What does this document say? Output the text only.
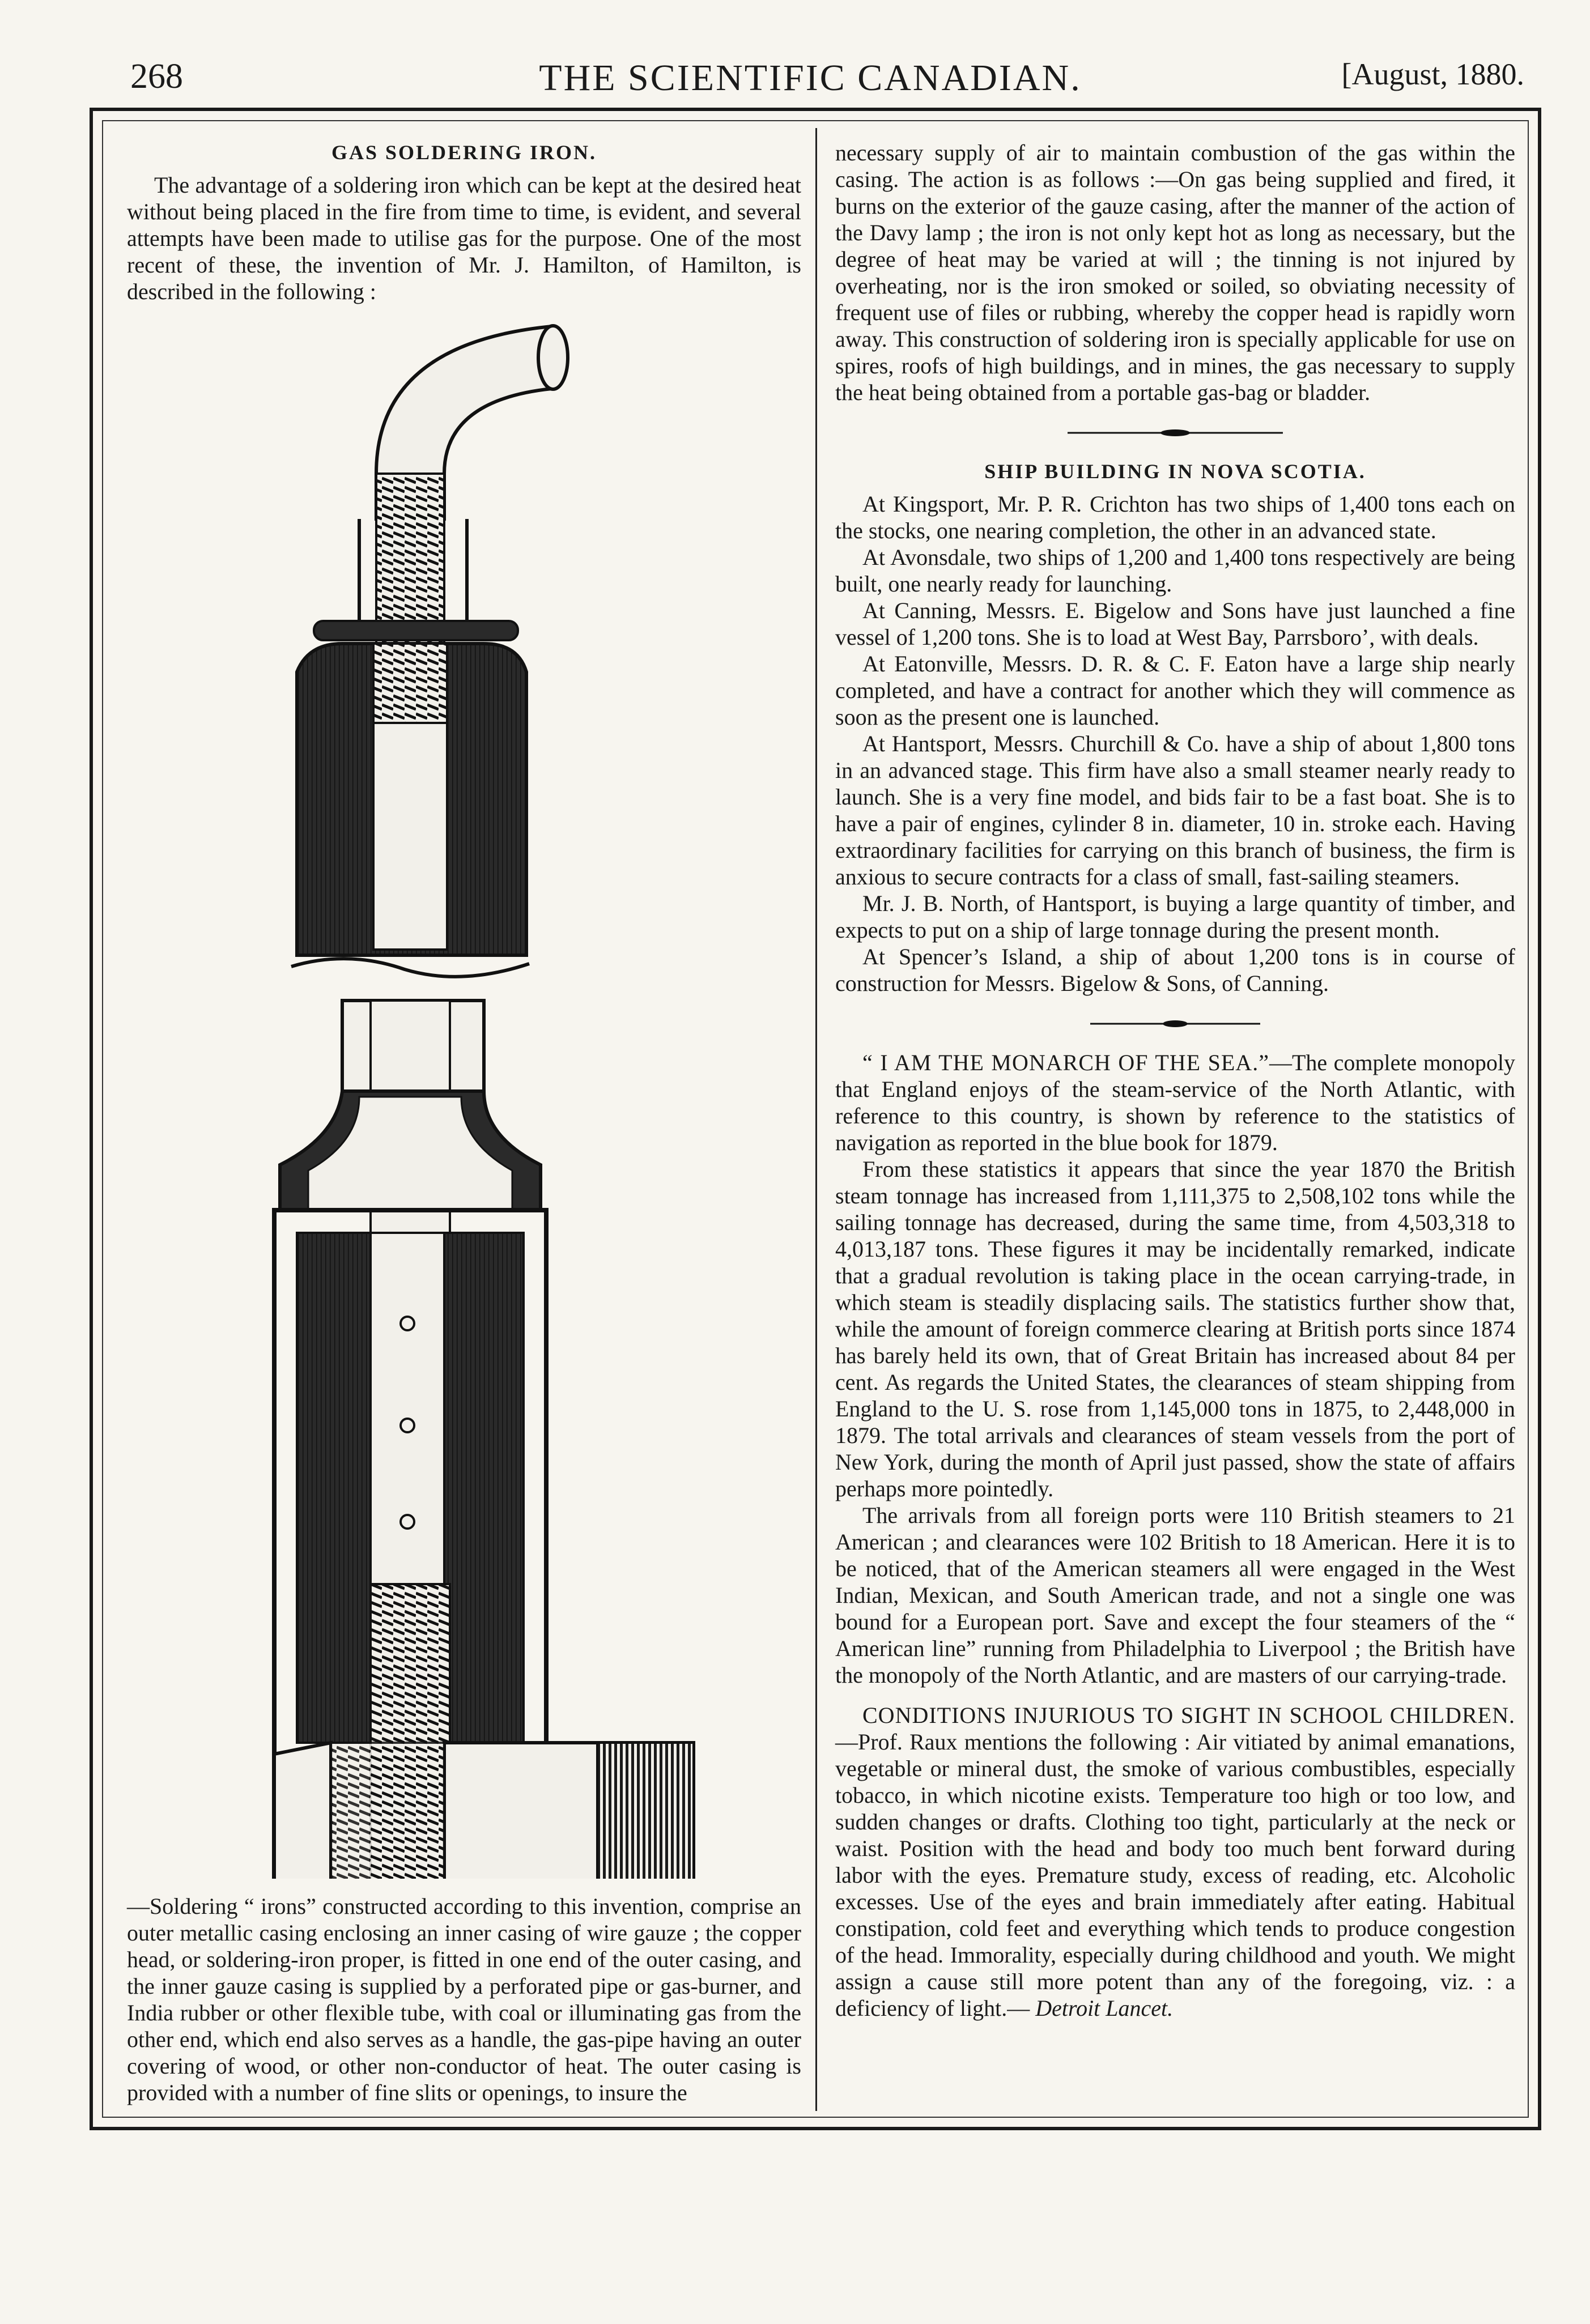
268	THE SCIENTIFIC CANADIAN.	[August, 1880.
GAS SOLDERING IRON.

The advantage of a soldering iron which can be kept at the desired heat without being placed in the fire from time to time, is evident, and several attempts have been made to utilise gas for the purpose. One of the most recent of these, the invention of Mr. J. Hamilton, of Hamilton, is described in the following :

—Soldering “ irons” constructed according to this invention, comprise an outer metallic casing enclosing an inner casing of wire gauze ; the copper head, or soldering-iron proper, is fitted in one end of the outer casing, and the inner gauze casing is supplied by a perforated pipe or gas-burner, and India rubber or other flexible tube, with coal or illuminating gas from the other end, which end also serves as a handle, the gas-pipe having an outer covering of wood, or other non-conductor of heat. The outer casing is provided with a number of fine slits or openings, to insure the

necessary supply of air to maintain combustion of the gas within the casing. The action is as follows :—On gas being supplied and fired, it burns on the exterior of the gauze casing, after the manner of the action of the Davy lamp ; the iron is not only kept hot as long as necessary, but the degree of heat may be varied at will ; the tinning is not injured by overheating, nor is the iron smoked or soiled, so obviating necessity of frequent use of files or rubbing, whereby the copper head is rapidly worn away. This construction of soldering iron is specially applicable for use on spires, roofs of high buildings, and in mines, the gas necessary to supply the heat being obtained from a portable gas-bag or bladder.

SHIP BUILDING IN NOVA SCOTIA.

At Kingsport, Mr. P. R. Crichton has two ships of 1,400 tons each on the stocks, one nearing completion, the other in an advanced state.

At Avonsdale, two ships of 1,200 and 1,400 tons respectively are being built, one nearly ready for launching.

At Canning, Messrs. E. Bigelow and Sons have just launched a fine vessel of 1,200 tons. She is to load at West Bay, Parrsboro’, with deals.

At Eatonville, Messrs. D. R. & C. F. Eaton have a large ship nearly completed, and have a contract for another which they will commence as soon as the present one is launched.

At Hantsport, Messrs. Churchill & Co. have a ship of about 1,800 tons in an advanced stage. This firm have also a small steamer nearly ready to launch. She is a very fine model, and bids fair to be a fast boat. She is to have a pair of engines, cylinder 8 in. diameter, 10 in. stroke each. Having extraordinary facilities for carrying on this branch of business, the firm is anxious to secure contracts for a class of small, fast-sailing steamers.

Mr. J. B. North, of Hantsport, is buying a large quantity of timber, and expects to put on a ship of large tonnage during the present month.

At Spencer’s Island, a ship of about 1,200 tons is in course of construction for Messrs. Bigelow & Sons, of Canning.

“ I AM THE MONARCH OF THE SEA.”—The complete monopoly that England enjoys of the steam-service of the North Atlantic, with reference to this country, is shown by reference to the statistics of navigation as reported in the blue book for 1879.

From these statistics it appears that since the year 1870 the British steam tonnage has increased from 1,111,375 to 2,508,102 tons while the sailing tonnage has decreased, during the same time, from 4,503,318 to 4,013,187 tons. These figures it may be incidentally remarked, indicate that a gradual revolution is taking place in the ocean carrying-trade, in which steam is steadily displacing sails. The statistics further show that, while the amount of foreign commerce clearing at British ports since 1874 has barely held its own, that of Great Britain has increased about 84 per cent. As regards the United States, the clearances of steam shipping from England to the U. S. rose from 1,145,000 tons in 1875, to 2,448,000 in 1879. The total arrivals and clearances of steam vessels from the port of New York, during the month of April just passed, show the state of affairs perhaps more pointedly.

The arrivals from all foreign ports were 110 British steamers to 21 American ; and clearances were 102 British to 18 American. Here it is to be noticed, that of the American steamers all were engaged in the West Indian, Mexican, and South American trade, and not a single one was bound for a European port. Save and except the four steamers of the “ American line” running from Philadelphia to Liverpool ; the British have the monopoly of the North Atlantic, and are masters of our carrying-trade.

CONDITIONS INJURIOUS TO SIGHT IN SCHOOL CHILDREN.—Prof. Raux mentions the following : Air vitiated by animal emanations, vegetable or mineral dust, the smoke of various combustibles, especially tobacco, in which nicotine exists. Temperature too high or too low, and sudden changes or drafts. Clothing too tight, particularly at the neck or waist. Position with the head and body too much bent forward during labor with the eyes. Premature study, excess of reading, etc. Alcoholic excesses. Use of the eyes and brain immediately after eating. Habitual constipation, cold feet and everything which tends to produce congestion of the head. Immorality, especially during childhood and youth. We might assign a cause still more potent than any of the foregoing, viz. : a deficiency of light.— Detroit Lancet.
